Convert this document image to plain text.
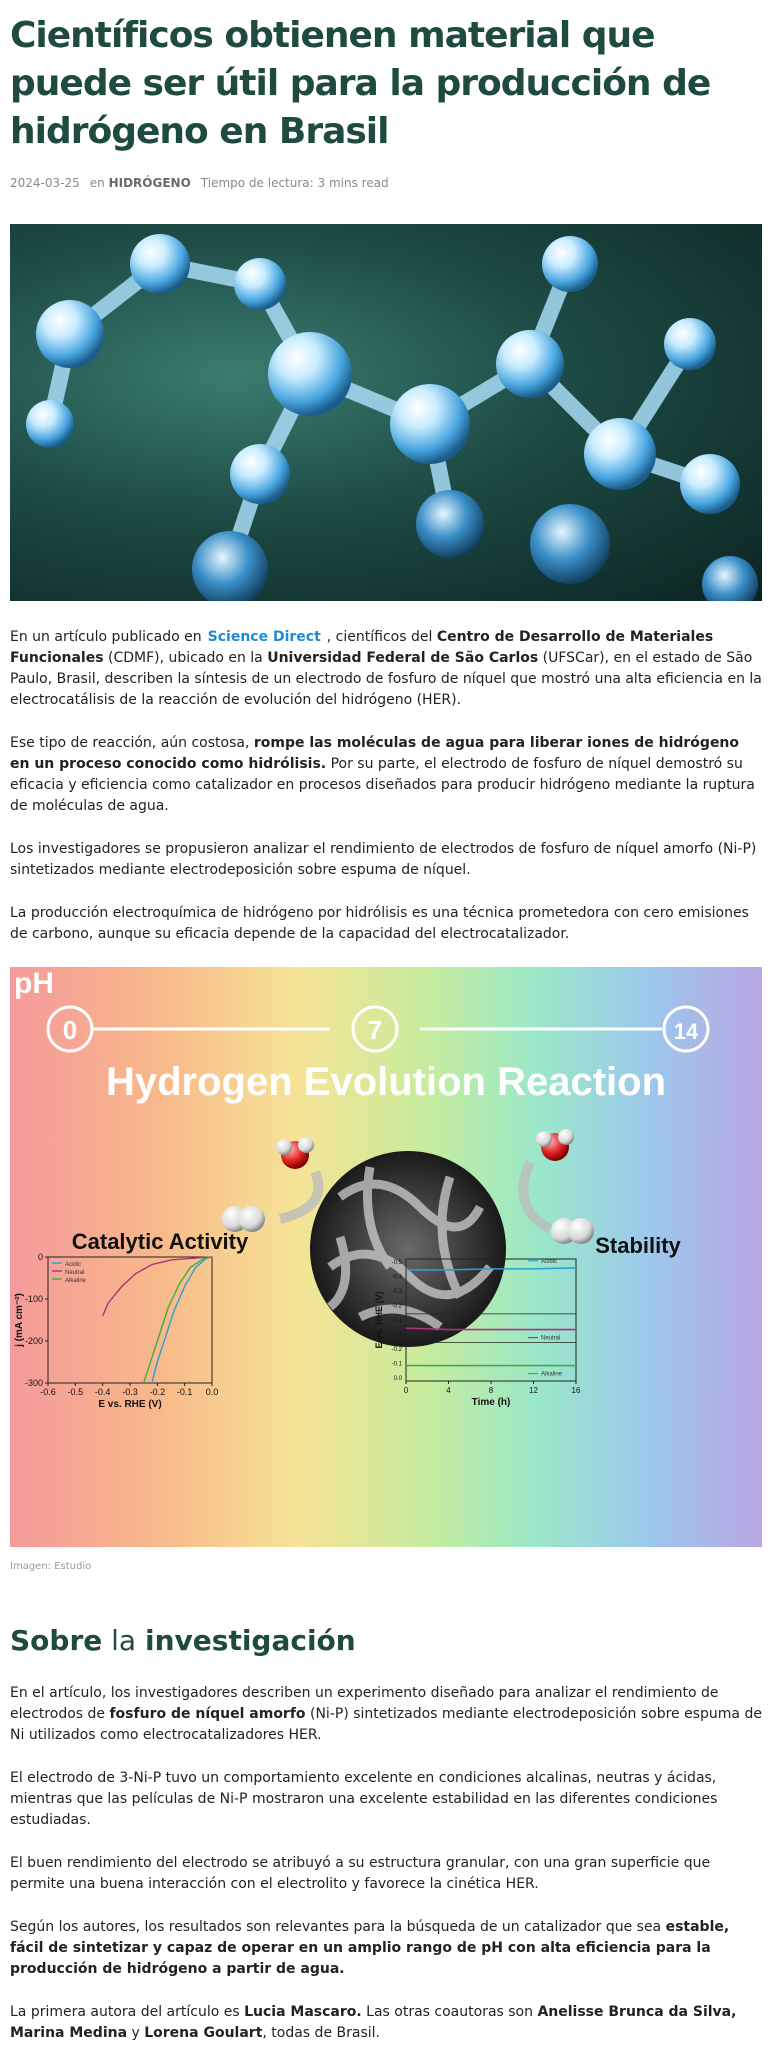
Científicos obtienen material que puede ser útil para la producción de hidrógeno en Brasil
2024-03-25 en HIDRÓGENO Tiempo de lectura: 3 mins read

En un artículo publicado en Science Direct , científicos del Centro de Desarrollo de Materiales Funcionales (CDMF), ubicado en la Universidad Federal de São Carlos (UFSCar), en el estado de São Paulo, Brasil, describen la síntesis de un electrodo de fosfuro de níquel que mostró una alta eficiencia en la electrocatálisis de la reacción de evolución del hidrógeno (HER).

Ese tipo de reacción, aún costosa, rompe las moléculas de agua para liberar iones de hidrógeno en un proceso conocido como hidrólisis. Por su parte, el electrodo de fosfuro de níquel demostró su eficacia y eficiencia como catalizador en procesos diseñados para producir hidrógeno mediante la ruptura de moléculas de agua.

Los investigadores se propusieron analizar el rendimiento de electrodos de fosfuro de níquel amorfo (Ni-P) sintetizados mediante electrodeposición sobre espuma de níquel.

La producción electroquímica de hidrógeno por hidrólisis es una técnica prometedora con cero emisiones de carbono, aunque su eficacia depende de la capacidad del electrocatalizador.

pH
0	7	14
Hydrogen Evolution Reaction
Catalytic Activity	Stability
-0.6 -0.5 -0.4 -0.3 -0.2 -0.1 0.0
0
-100
-200
-300
E vs. RHE (V)
j (mA cm⁻²)
Acidic
Neutral
Alkaline
0	4	8	12	16
-0.5
-0.4
-0.3
-0.2
-0.1
0.0
-0.2
-0.1
0.0
Time (h)
E vs. RHE (V)
Acidic
Neutral
Alkaline
Imagen: Estudio
Sobre la investigación

En el artículo, los investigadores describen un experimento diseñado para analizar el rendimiento de electrodos de fosfuro de níquel amorfo (Ni-P) sintetizados mediante electrodeposición sobre espuma de Ni utilizados como electrocatalizadores HER.

El electrodo de 3-Ni-P tuvo un comportamiento excelente en condiciones alcalinas, neutras y ácidas, mientras que las películas de Ni-P mostraron una excelente estabilidad en las diferentes condiciones estudiadas.

El buen rendimiento del electrodo se atribuyó a su estructura granular, con una gran superficie que permite una buena interacción con el electrolito y favorece la cinética HER.

Según los autores, los resultados son relevantes para la búsqueda de un catalizador que sea estable, fácil de sintetizar y capaz de operar en un amplio rango de pH con alta eficiencia para la producción de hidrógeno a partir de agua.

La primera autora del artículo es Lucia Mascaro. Las otras coautoras son Anelisse Brunca da Silva, Marina Medina y Lorena Goulart, todas de Brasil.
